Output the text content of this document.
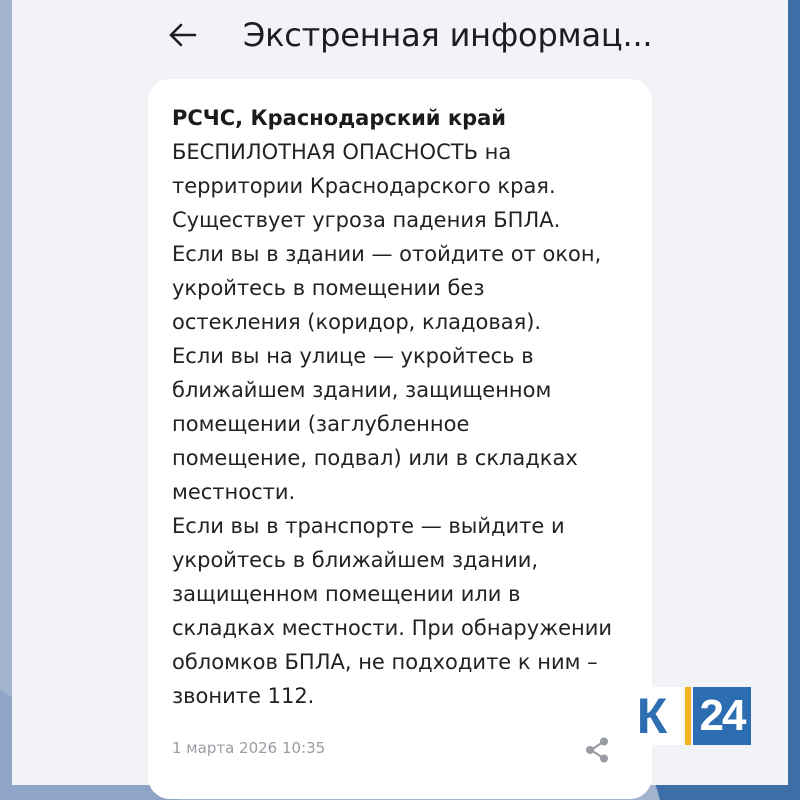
Экстренная информац...
РСЧС, Краснодарский край
БЕСПИЛОТНАЯ ОПАСНОСТЬ на
территории Краснодарского края.
Существует угроза падения БПЛА.
Если вы в здании — отойдите от окон,
укройтесь в помещении без
остекления (коридор, кладовая).
Если вы на улице — укройтесь в
ближайшем здании, защищенном
помещении (заглубленное
помещение, подвал) или в складках
местности.
Если вы в транспорте — выйдите и
укройтесь в ближайшем здании,
защищенном помещении или в
складках местности. При обнаружении
обломков БПЛА, не подходите к ним –
звоните 112.
1 марта 2026 10:35
К 24
